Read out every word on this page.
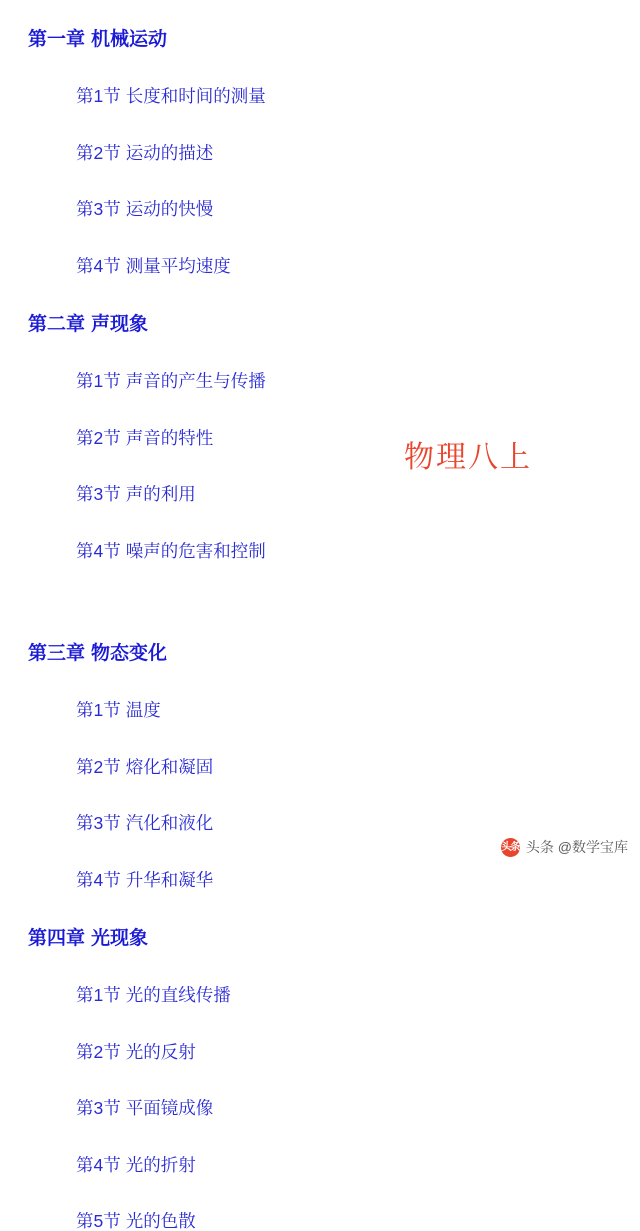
第一章 机械运动
第1节 长度和时间的测量
第2节 运动的描述
第3节 运动的快慢
第4节 测量平均速度
第二章 声现象
第1节 声音的产生与传播
第2节 声音的特性
第3节 声的利用
第4节 噪声的危害和控制
第三章 物态变化
第1节 温度
第2节 熔化和凝固
第3节 汽化和液化
第4节 升华和凝华
第四章 光现象
第1节 光的直线传播
第2节 光的反射
第3节 平面镜成像
第4节 光的折射
第5节 光的色散
物理八上
头条 头条 @数学宝库
